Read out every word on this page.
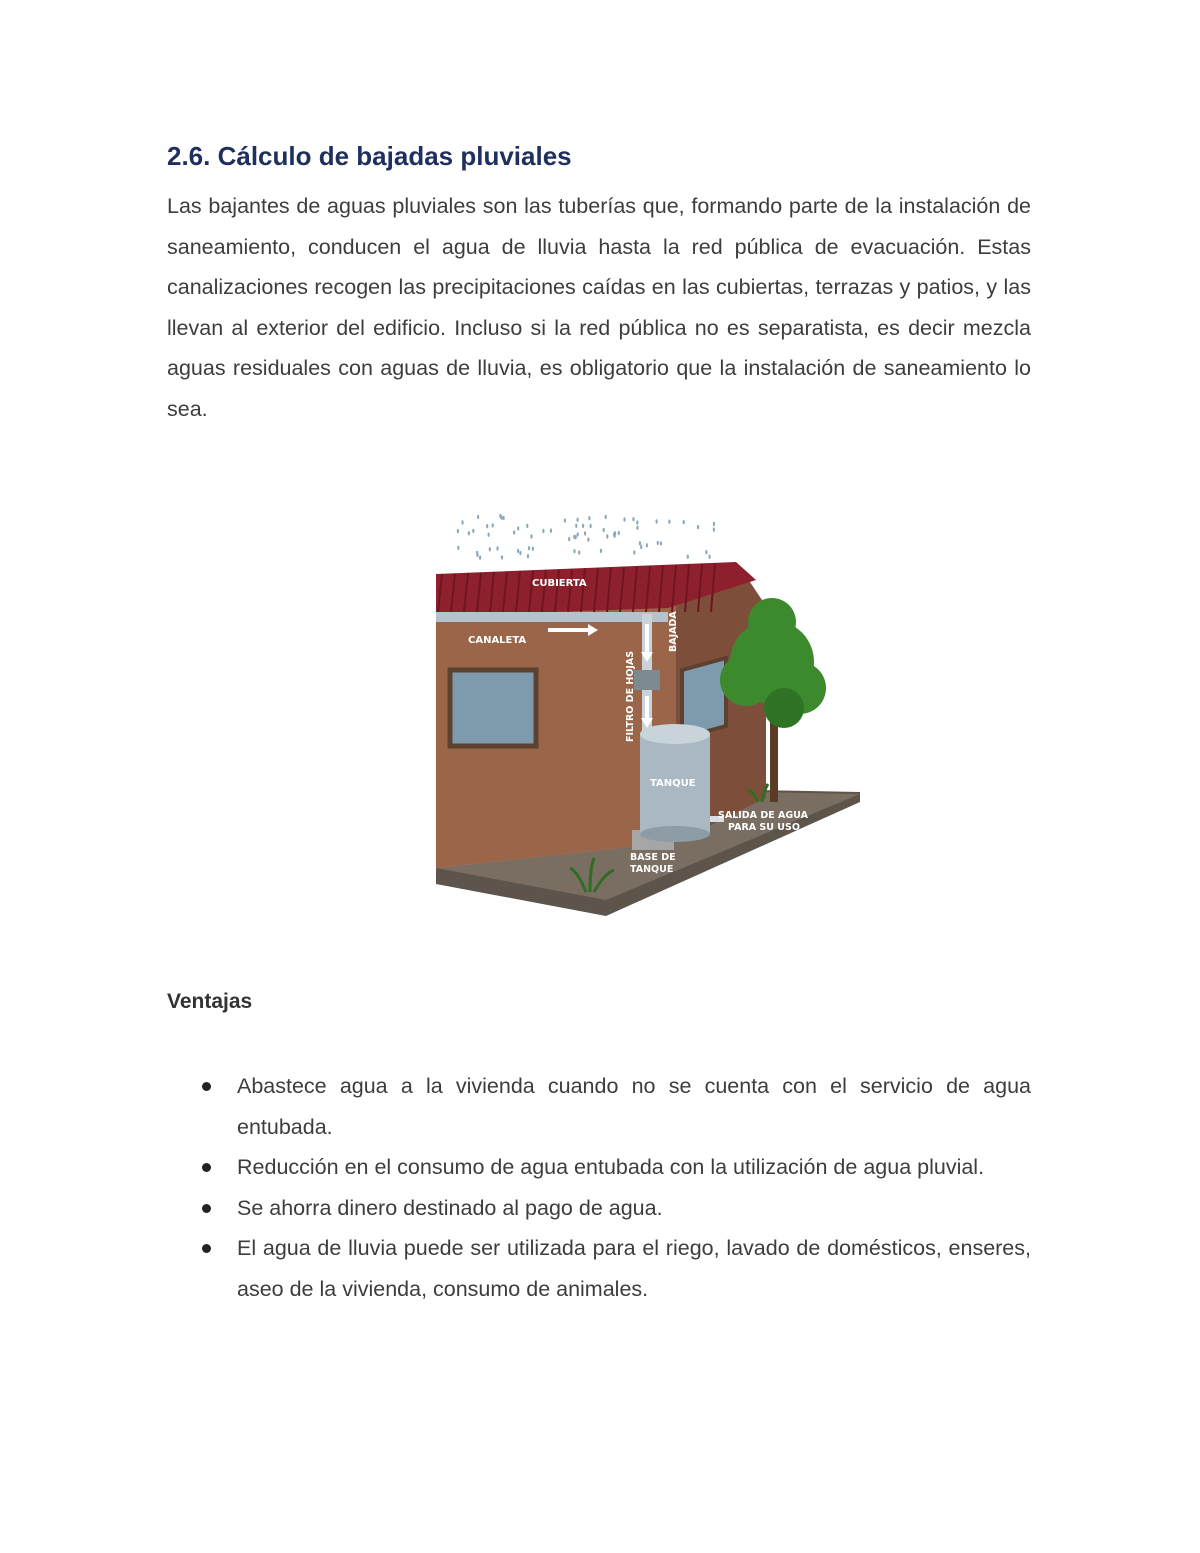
2.6. Cálculo de bajadas pluviales

Las bajantes de aguas pluviales son las tuberías que, formando parte de la instalación de saneamiento, conducen el agua de lluvia hasta la red pública de evacuación. Estas canalizaciones recogen las precipitaciones caídas en las cubiertas, terrazas y patios, y las llevan al exterior del edificio. Incluso si la red pública no es separatista, es decir mezcla aguas residuales con aguas de lluvia, es obligatorio que la instalación de saneamiento lo sea.

CUBIERTA
CANALETA	BAJADA
FILTRO DE HOJAS
TANQUE
SALIDA DE AGUA
PARA SU USO
BASE DE
TANQUE
Ventajas
Abastece agua a la vivienda cuando no se cuenta con el servicio de agua entubada.
Reducción en el consumo de agua entubada con la utilización de agua pluvial.
Se ahorra dinero destinado al pago de agua.
El agua de lluvia puede ser utilizada para el riego, lavado de domésticos, enseres, aseo de la vivienda, consumo de animales.
